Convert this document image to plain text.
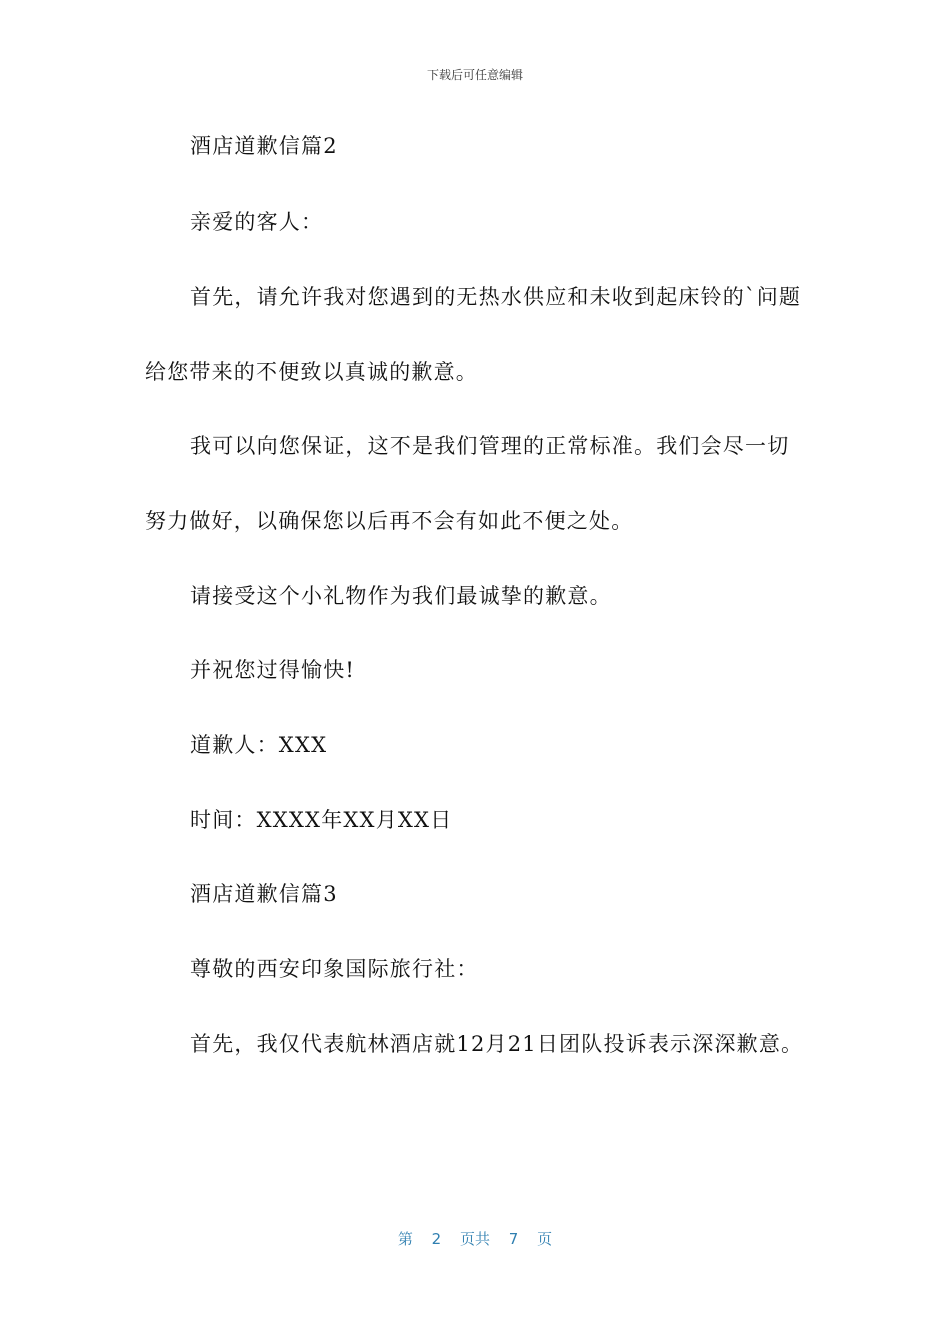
下载后可任意编辑
酒店道歉信篇2
亲爱的客人：
首先，请允许我对您遇到的无热水供应和未收到起床铃的`问题
给您带来的不便致以真诚的歉意。
我可以向您保证，这不是我们管理的正常标准。我们会尽一切
努力做好，以确保您以后再不会有如此不便之处。
请接受这个小礼物作为我们最诚挚的歉意。
并祝您过得愉快!
道歉人：XXX
时间：XXXX年XX月XX日
酒店道歉信篇3
尊敬的西安印象国际旅行社：
首先，我仅代表航林酒店就12月21日团队投诉表示深深歉意。
第 2 页共 7 页
